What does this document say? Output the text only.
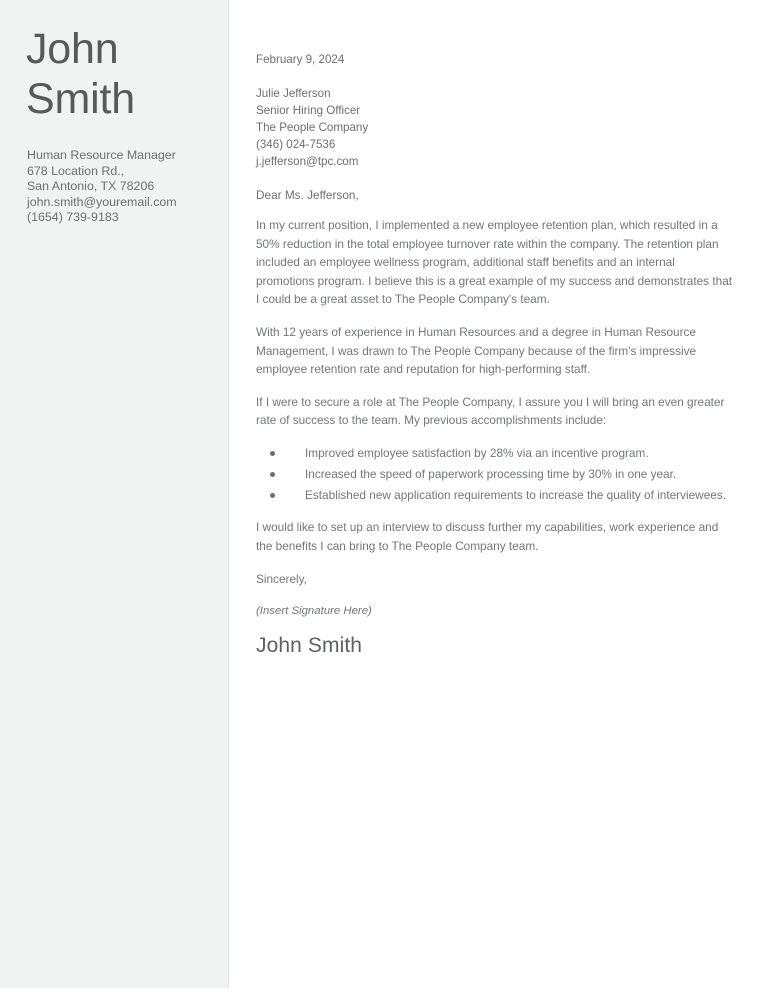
John
Smith
Human Resource Manager
678 Location Rd.,
San Antonio, TX 78206
john.smith@youremail.com
(1654) 739-9183
February 9, 2024
Julie Jefferson
Senior Hiring Officer
The People Company
(346) 024-7536
j.jefferson@tpc.com
Dear Ms. Jefferson,

In my current position, I implemented a new employee retention plan, which resulted in a 50% reduction in the total employee turnover rate within the company. The retention plan included an employee wellness program, additional staff benefits and an internal promotions program. I believe this is a great example of my success and demonstrates that I could be a great asset to The People Company's team.

With 12 years of experience in Human Resources and a degree in Human Resource Management, I was drawn to The People Company because of the firm's impressive employee retention rate and reputation for high-performing staff.

If I were to secure a role at The People Company, I assure you I will bring an even greater rate of success to the team. My previous accomplishments include:

Improved employee satisfaction by 28% via an incentive program.
Increased the speed of paperwork processing time by 30% in one year.
Established new application requirements to increase the quality of interviewees.

I would like to set up an interview to discuss further my capabilities, work experience and the benefits I can bring to The People Company team.

Sincerely,

(Insert Signature Here)

John Smith
